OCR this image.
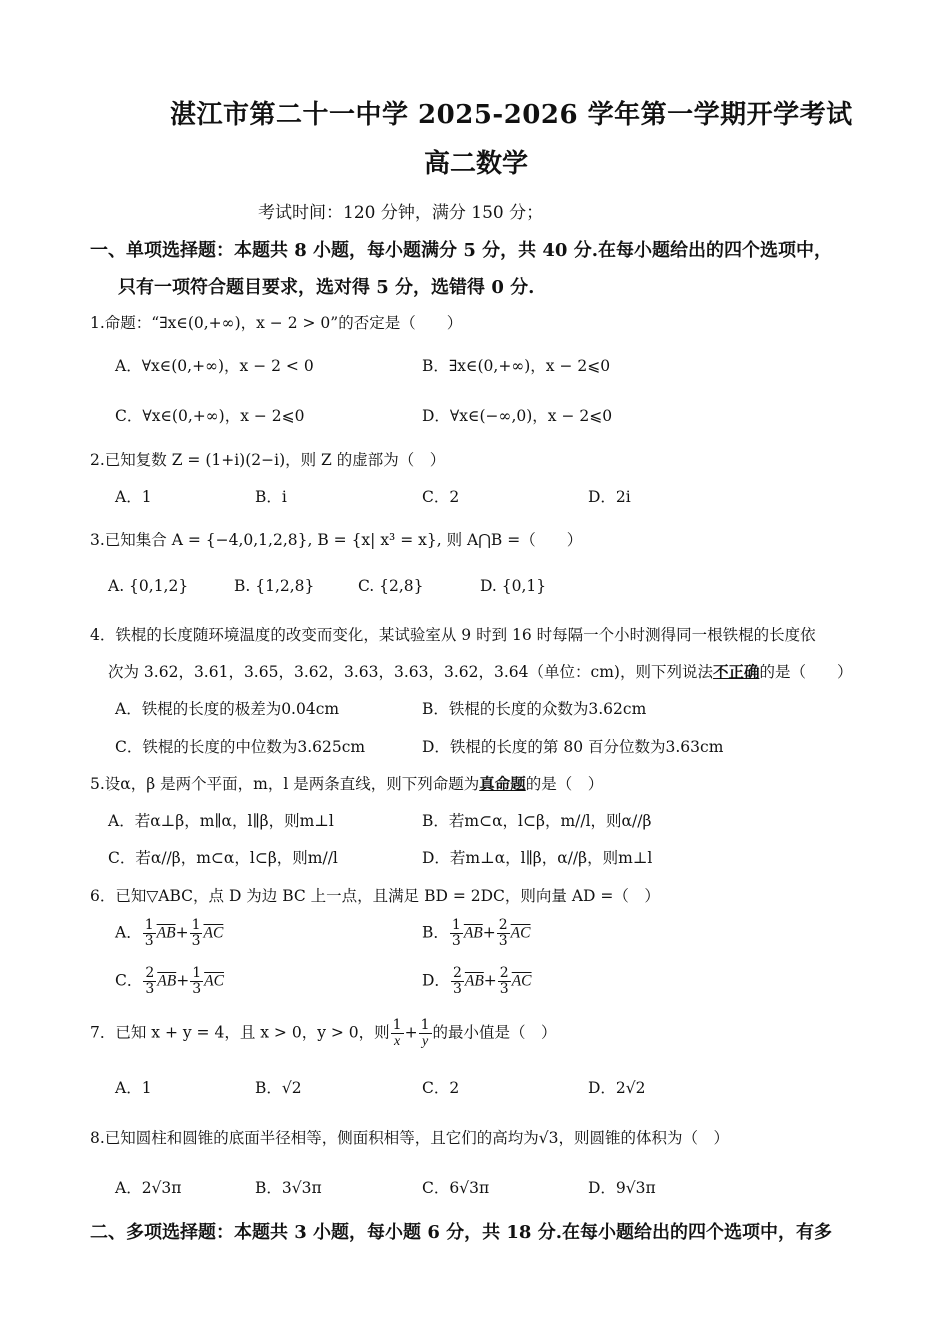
湛江市第二十一中学 2025-2026 学年第一学期开学考试
高二数学
考试时间：120 分钟，满分 150 分；
一、单项选择题：本题共 8 小题，每小题满分 5 分，共 40 分.在每小题给出的四个选项中，
只有一项符合题目要求，选对得 5 分，选错得 0 分.
1.命题：“∃x∈(0,+∞)，x − 2 > 0”的否定是（　　）
A．∀x∈(0,+∞)，x − 2 < 0	B．∃x∈(0,+∞)，x − 2⩽0
C．∀x∈(0,+∞)，x − 2⩽0	D．∀x∈(−∞,0)，x − 2⩽0
2.已知复数 Z = (1+i)(2−i)，则 Z 的虚部为（　）
A．1	B．i	C．2	D．2i
3.已知集合 A = {−4,0,1,2,8}, B = {x| x³ = x}, 则 A⋂B =（　　）
A. {0,1,2}	B. {1,2,8}	C. {2,8}	D. {0,1}
4．铁棍的长度随环境温度的改变而变化，某试验室从 9 时到 16 时每隔一个小时测得同一根铁棍的长度依
次为 3.62，3.61，3.65，3.62，3.63，3.63，3.62，3.64（单位：cm)，则下列说法不正确的是（　　）
A．铁棍的长度的极差为0.04cm	B．铁棍的长度的众数为3.62cm
C．铁棍的长度的中位数为3.625cm	D．铁棍的长度的第 80 百分位数为3.63cm
5.设α，β 是两个平面，m，l 是两条直线，则下列命题为真命题的是（　）
A．若α⊥β，m∥α，l∥β，则m⊥l	B．若m⊂α，l⊂β，m//l，则α//β
C．若α//β，m⊂α，l⊂β，则m//l	D．若m⊥α，l∥β，α//β，则m⊥l
6．已知▽ABC，点 D 为边 BC 上一点，且满足 BD = 2DC，则向量 AD =（　）
A． $\frac{1}{3} \overline{AB}+ \frac{1}{3} \overline{AC}$	B． $\frac{1}{3} \overline{AB}+ \frac{2}{3} \overline{AC}$
C． $\frac{2}{3} \overline{AB}+ \frac{1}{3} \overline{AC}$	D． $\frac{2}{3} \overline{AB}+ \frac{2}{3} \overline{AC}$
7．已知 x + y = 4，且 x > 0，y > 0，则 $\frac{1}{x} + \frac{1}{y}$ 的最小值是（　）
A．1	B．√2	C．2	D．2√2
8.已知圆柱和圆锥的底面半径相等，侧面积相等，且它们的高均为√3，则圆锥的体积为（　）
A．2√3π	B．3√3π	C．6√3π	D．9√3π
二、多项选择题：本题共 3 小题，每小题 6 分，共 18 分.在每小题给出的四个选项中，有多
